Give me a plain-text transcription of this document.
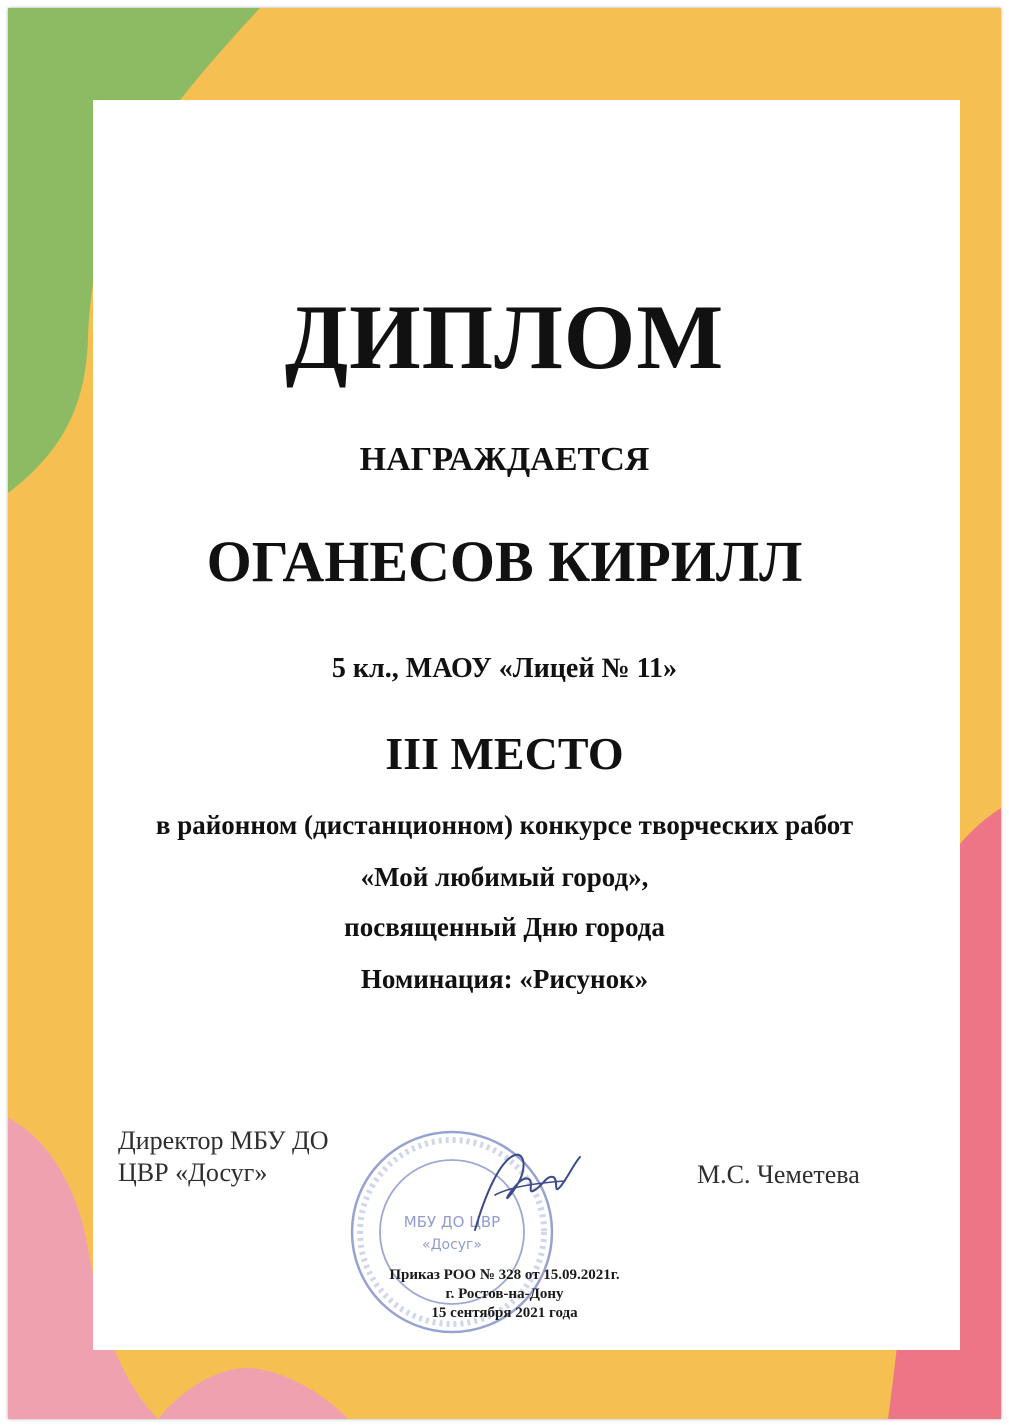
ДИПЛОМ
НАГРАЖДАЕТСЯ
ОГАНЕСОВ КИРИЛЛ
5 кл., МАОУ «Лицей № 11»
III МЕСТО
в районном (дистанционном) конкурсе творческих работ
«Мой любимый город»,
посвященный Дню города
Номинация: «Рисунок»
Директор МБУ ДО
ЦВР «Досуг»	М.С. Чеметева
МБУ ДО ЦВР
«Досуг»
Приказ РОО № 328 от 15.09.2021г.
г. Ростов-на-Дону
15 сентября 2021 года
